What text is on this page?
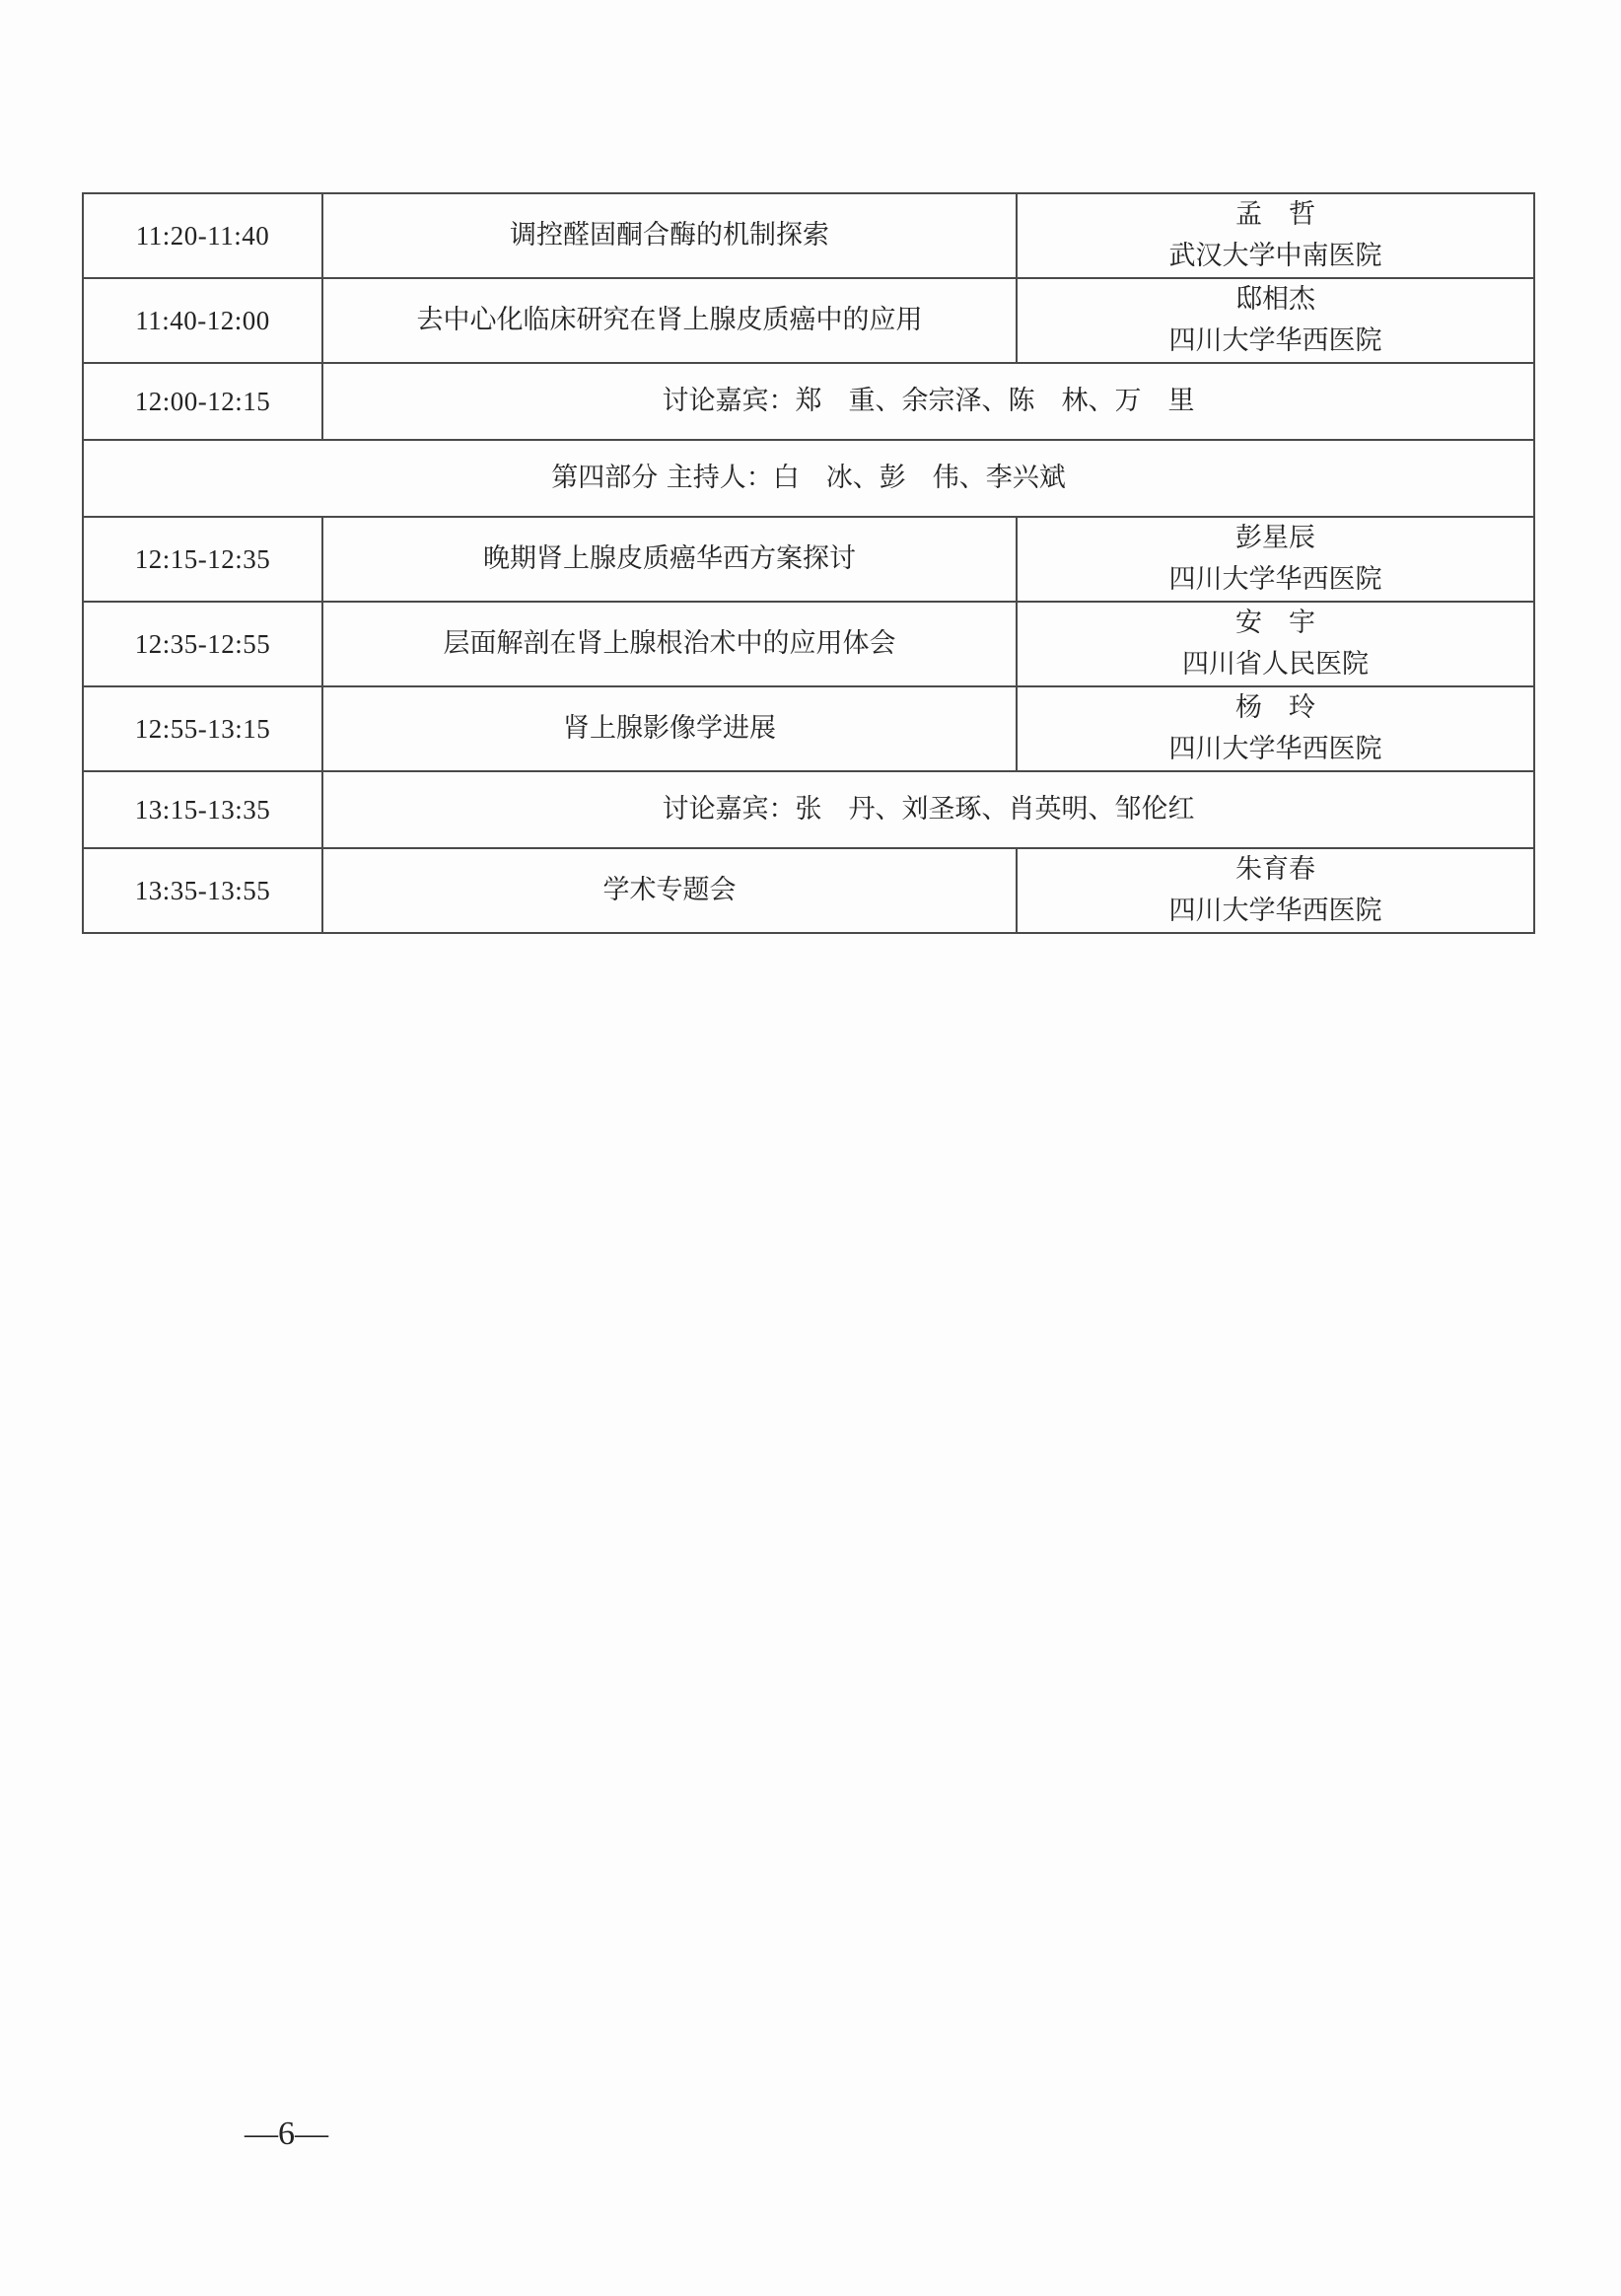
11:20-11:40	调控醛固酮合酶的机制探索	孟　哲
武汉大学中南医院

11:40-12:00	去中心化临床研究在肾上腺皮质癌中的应用	邸相杰
四川大学华西医院

12:00-12:15	讨论嘉宾：郑　重、余宗泽、陈　林、万　里	
第四部分 主持人：白　冰、彭　伟、李兴斌		
12:15-12:35	晚期肾上腺皮质癌华西方案探讨	彭星辰
四川大学华西医院

12:35-12:55	层面解剖在肾上腺根治术中的应用体会	安　宇
四川省人民医院

12:55-13:15	肾上腺影像学进展	杨　玲
四川大学华西医院

13:15-13:35	讨论嘉宾：张　丹、刘圣琢、肖英明、邹伦红	
13:35-13:55	学术专题会	朱育春
四川大学华西医院
—6—
